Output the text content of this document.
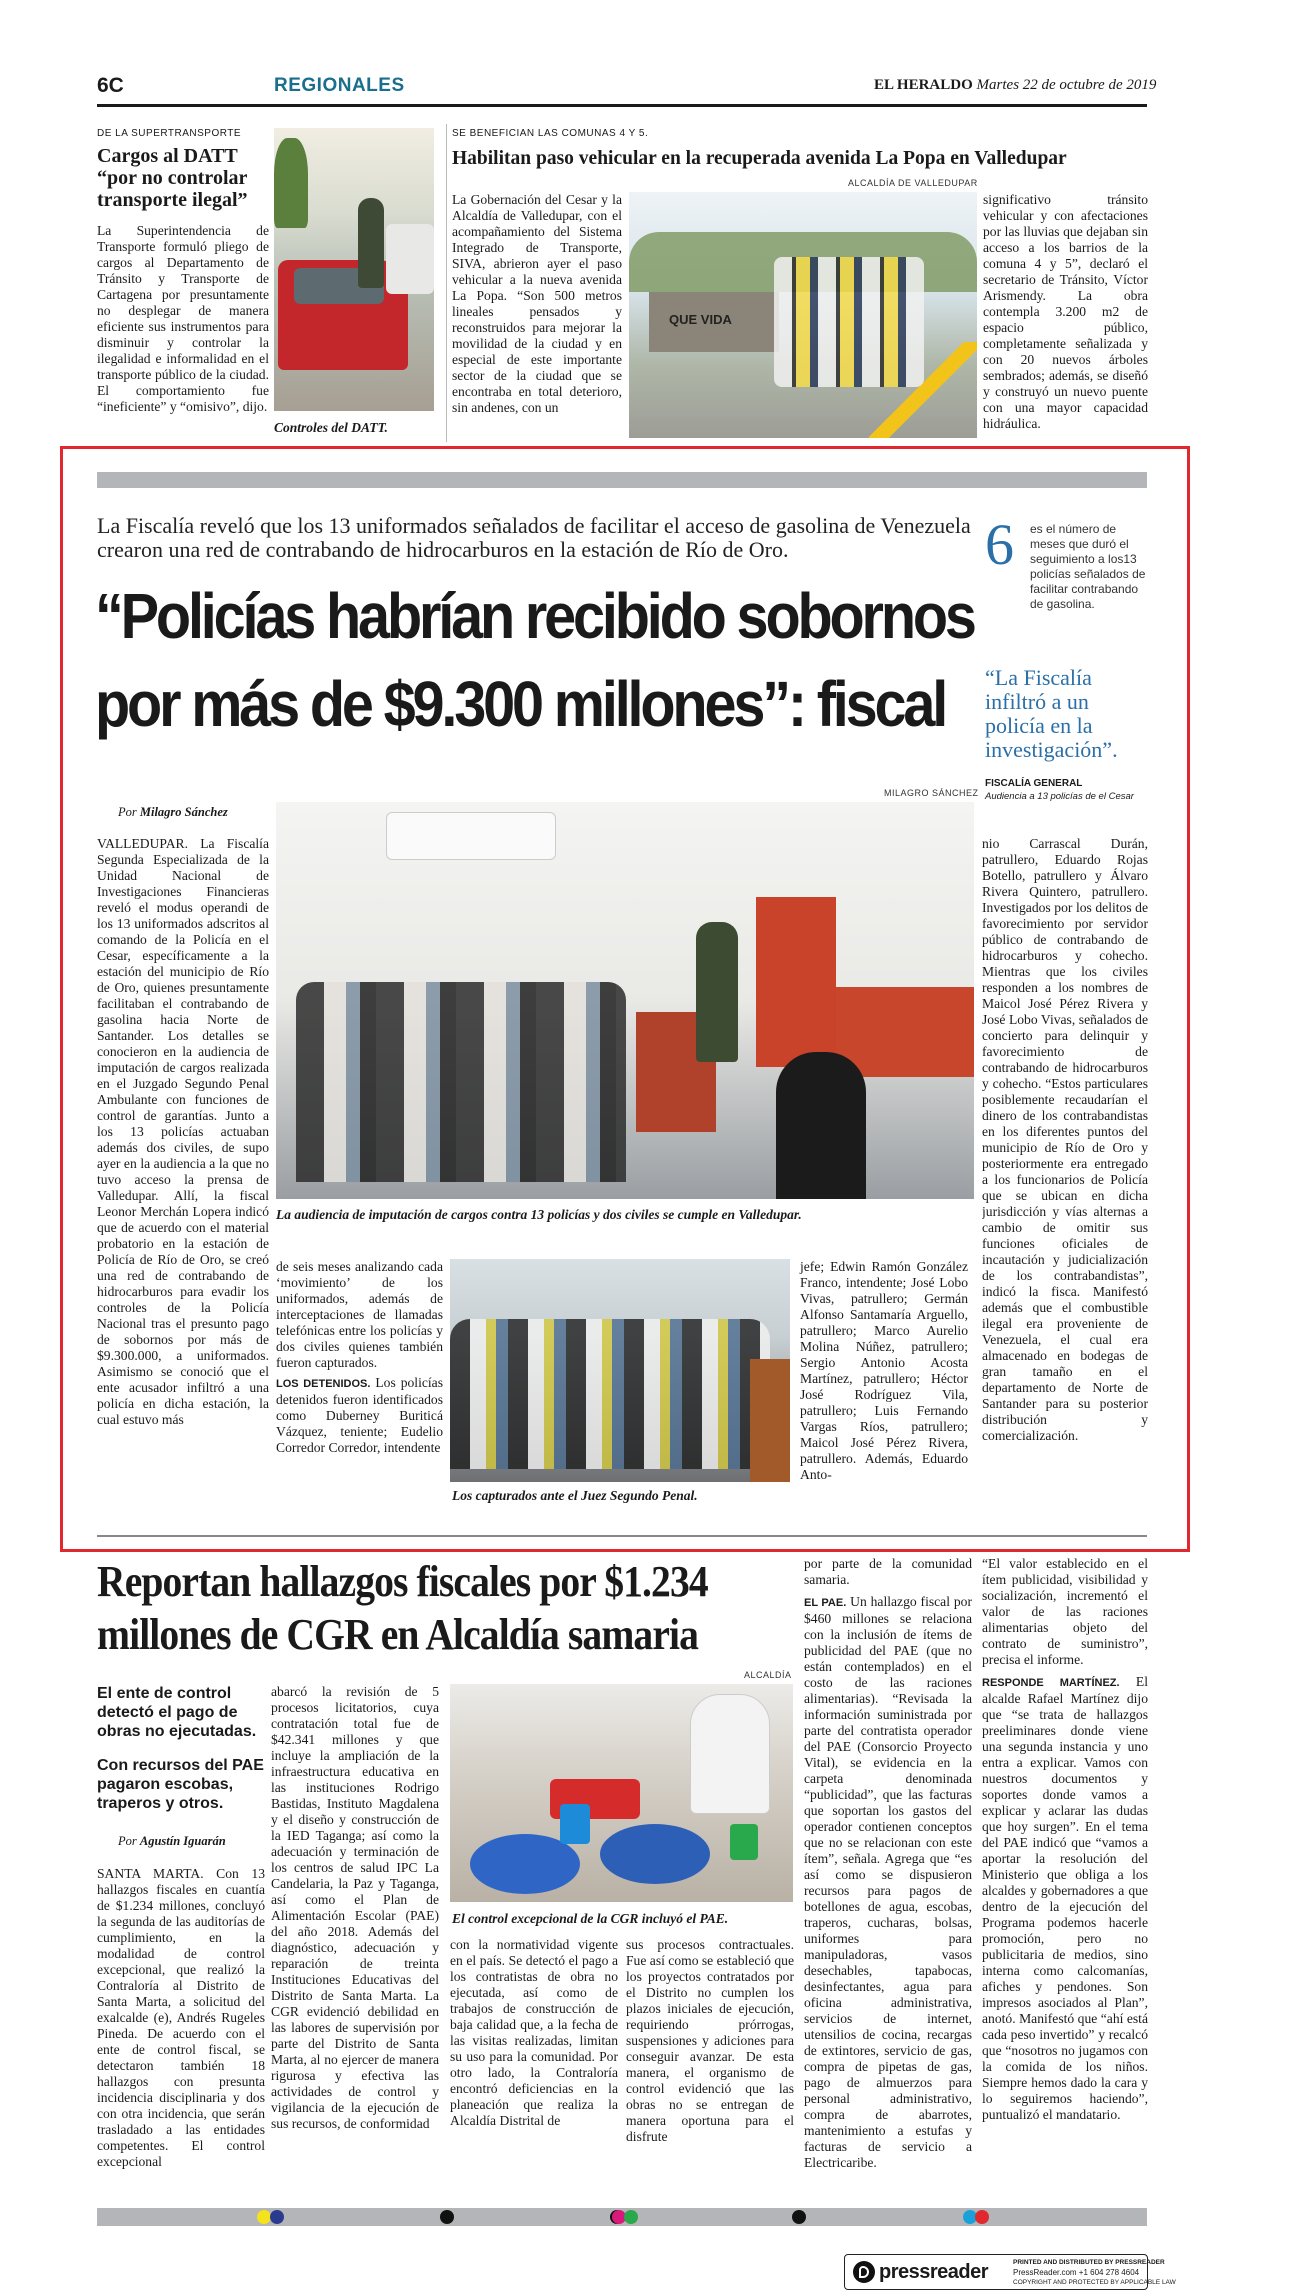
6C	REGIONALES	EL HERALDO Martes 22 de octubre de 2019
DE LA SUPERTRANSPORTE
Cargos al DATT “por no controlar transporte ilegal”
La Superintendencia de Transporte formuló pliego de cargos al Departamento de Tránsito y Transporte de Cartagena por presuntamente no desplegar de manera eficiente sus instrumentos para disminuir y controlar la ilegalidad e informalidad en el transporte público de la ciudad. El comportamiento fue “ineficiente” y “omisivo”, dijo.
Controles del DATT.
SE BENEFICIAN LAS COMUNAS 4 Y 5.
Habilitan paso vehicular en la recuperada avenida La Popa en Valledupar
ALCALDÍA DE VALLEDUPAR
La Gobernación del Cesar y la Alcaldía de Valledupar, con el acompañamiento del Sistema Integrado de Transporte, SIVA, abrieron ayer el paso vehicular a la nueva avenida La Popa. “Son 500 metros lineales pensados y reconstruidos para mejorar la movilidad de la ciudad y en especial de este importante sector de la ciudad que se encontraba en total deterioro, sin andenes, con un
QUE VIDA
significativo tránsito vehicular y con afectaciones por las lluvias que dejaban sin acceso a los barrios de la comuna 4 y 5”, declaró el secretario de Tránsito, Víctor Arismendy. La obra contempla 3.200 m2 de espacio público, completamente señalizada y con 20 nuevos árboles sembrados; además, se diseñó y construyó un nuevo puente con una mayor capacidad hidráulica.
La Fiscalía reveló que los 13 uniformados señalados de facilitar el acceso de gasolina de Venezuela crearon una red de contrabando de hidrocarburos en la estación de Río de Oro.
“Policías habrían recibido sobornos
por más de $9.300 millones”: fiscal
6 es el número de meses que duró el seguimiento a los13 policías señalados de facilitar contrabando de gasolina.
“La Fiscalía infiltró a un policía en la investigación”.
FISCALÍA GENERAL
Audiencia a 13 policías de el Cesar
MILAGRO SÁNCHEZ
Por Milagro Sánchez
VALLEDUPAR. La Fiscalía Segunda Especializada de la Unidad Nacional de Investigaciones Financieras reveló el modus operandi de los 13 uniformados adscritos al comando de la Policía en el Cesar, específicamente a la estación del municipio de Río de Oro, quienes presuntamente facilitaban el contrabando de gasolina hacia Norte de Santander. Los detalles se conocieron en la audiencia de imputación de cargos realizada en el Juzgado Segundo Penal Ambulante con funciones de control de garantías. Junto a los 13 policías actuaban además dos civiles, de supo ayer en la audiencia a la que no tuvo acceso la prensa de Valledupar. Allí, la fiscal Leonor Merchán Lopera indicó que de acuerdo con el material probatorio en la estación de Policía de Río de Oro, se creó una red de contrabando de hidrocarburos para evadir los controles de la Policía Nacional tras el presunto pago de sobornos por más de $9.300.000, a uniformados. Asimismo se conoció que el ente acusador infiltró a una policía en dicha estación, la cual estuvo más
La audiencia de imputación de cargos contra 13 policías y dos civiles se cumple en Valledupar.

de seis meses analizando cada ‘movimiento’ de los uniformados, además de interceptaciones de llamadas telefónicas entre los policías y dos civiles quienes también fueron capturados.

LOS DETENIDOS. Los policías detenidos fueron identificados como Duberney Buriticá Vázquez, teniente; Eudelio Corredor Corredor, intendente

Los capturados ante el Juez Segundo Penal.
jefe; Edwin Ramón González Franco, intendente; José Lobo Vivas, patrullero; Germán Alfonso Santamaría Arguello, patrullero; Marco Aurelio Molina Núñez, patrullero; Sergio Antonio Acosta Martínez, patrullero; Héctor José Rodríguez Vila, patrullero; Luis Fernando Vargas Ríos, patrullero; Maicol José Pérez Rivera, patrullero. Además, Eduardo Anto-
nio Carrascal Durán, patrullero, Eduardo Rojas Botello, patrullero y Álvaro Rivera Quintero, patrullero. Investigados por los delitos de favorecimiento por servidor público de contrabando de hidrocarburos y cohecho. Mientras que los civiles responden a los nombres de Maicol José Pérez Rivera y José Lobo Vivas, señalados de concierto para delinquir y favorecimiento de contrabando de hidrocarburos y cohecho. “Estos particulares posiblemente recaudarían el dinero de los contrabandistas en los diferentes puntos del municipio de Río de Oro y posteriormente era entregado a los funcionarios de Policía que se ubican en dicha jurisdicción y vías alternas a cambio de omitir sus funciones oficiales de incautación y judicialización de los contrabandistas”, indicó la fisca. Manifestó además que el combustible ilegal era proveniente de Venezuela, el cual era almacenado en bodegas de gran tamaño en el departamento de Norte de Santander para su posterior distribución y comercialización.
Reportan hallazgos fiscales por $1.234
millones de CGR en Alcaldía samaria
El ente de control detectó el pago de obras no ejecutadas.
Con recursos del PAE pagaron escobas, traperos y otros.
Por Agustín Iguarán
SANTA MARTA. Con 13 hallazgos fiscales en cuantía de $1.234 millones, concluyó la segunda de las auditorías de cumplimiento, en la modalidad de control excepcional, que realizó la Contraloría al Distrito de Santa Marta, a solicitud del exalcalde (e), Andrés Rugeles Pineda. De acuerdo con el ente de control fiscal, se detectaron también 18 hallazgos con presunta incidencia disciplinaria y dos con otra incidencia, que serán trasladado a las entidades competentes. El control excepcional
abarcó la revisión de 5 procesos licitatorios, cuya contratación total fue de $42.341 millones y que incluye la ampliación de la infraestructura educativa en las instituciones Rodrigo Bastidas, Instituto Magdalena y el diseño y construcción de la IED Taganga; así como la adecuación y terminación de los centros de salud IPC La Candelaria, la Paz y Taganga, así como el Plan de Alimentación Escolar (PAE) del año 2018. Además del diagnóstico, adecuación y reparación de treinta Instituciones Educativas del Distrito de Santa Marta. La CGR evidenció debilidad en las labores de supervisión por parte del Distrito de Santa Marta, al no ejercer de manera rigurosa y efectiva las actividades de control y vigilancia de la ejecución de sus recursos, de conformidad
ALCALDÍA
El control excepcional de la CGR incluyó el PAE.
con la normatividad vigente en el país. Se detectó el pago a los contratistas de obra no ejecutada, así como de trabajos de construcción de baja calidad que, a la fecha de las visitas realizadas, limitan su uso para la comunidad. Por otro lado, la Contraloría encontró deficiencias en la planeación que realiza la Alcaldía Distrital de
sus procesos contractuales. Fue así como se estableció que los proyectos contratados por el Distrito no cumplen los plazos iniciales de ejecución, requiriendo prórrogas, suspensiones y adiciones para conseguir avanzar. De esta manera, el organismo de control evidenció que las obras no se entregan de manera oportuna para el disfrute

por parte de la comunidad samaria.

EL PAE. Un hallazgo fiscal por $460 millones se relaciona con la inclusión de ítems de publicidad del PAE (que no están contemplados) en el costo de las raciones alimentarias). “Revisada la información suministrada por parte del contratista operador del PAE (Consorcio Proyecto Vital), se evidencia en la carpeta denominada “publicidad”, que las facturas que soportan los gastos del operador contienen conceptos que no se relacionan con este ítem”, señala. Agrega que “es así como se dispusieron recursos para pagos de botellones de agua, escobas, traperos, cucharas, bolsas, uniformes para manipuladoras, vasos desechables, tapabocas, desinfectantes, agua para oficina administrativa, servicios de internet, utensilios de cocina, recargas de extintores, servicio de gas, compra de pipetas de gas, pago de almuerzos para personal administrativo, compra de abarrotes, mantenimiento a estufas y facturas de servicio a Electricaribe.

“El valor establecido en el ítem publicidad, visibilidad y socialización, incrementó el valor de las raciones alimentarias objeto del contrato de suministro”, precisa el informe.

RESPONDE MARTÍNEZ. El alcalde Rafael Martínez dijo que “se trata de hallazgos preeliminares donde viene una segunda instancia y uno entra a explicar. Vamos con nuestros documentos y soportes donde vamos a explicar y aclarar las dudas que hoy surgen”. En el tema del PAE indicó que “vamos a aportar la resolución del Ministerio que obliga a los alcaldes y gobernadores a que dentro de la ejecución del Programa podemos hacerle promoción, pero no publicitaria de medios, sino interna como calcomanías, afiches y pendones. Son impresos asociados al Plan”, anotó. Manifestó que “ahí está cada peso invertido” y recalcó que “nosotros no jugamos con la comida de los niños. Siempre hemos dado la cara y lo seguiremos haciendo”, puntualizó el mandatario.

pressreader	PRINTED AND DISTRIBUTED BY PRESSREADER
PressReader.com +1 604 278 4604
COPYRIGHT AND PROTECTED BY APPLICABLE LAW
